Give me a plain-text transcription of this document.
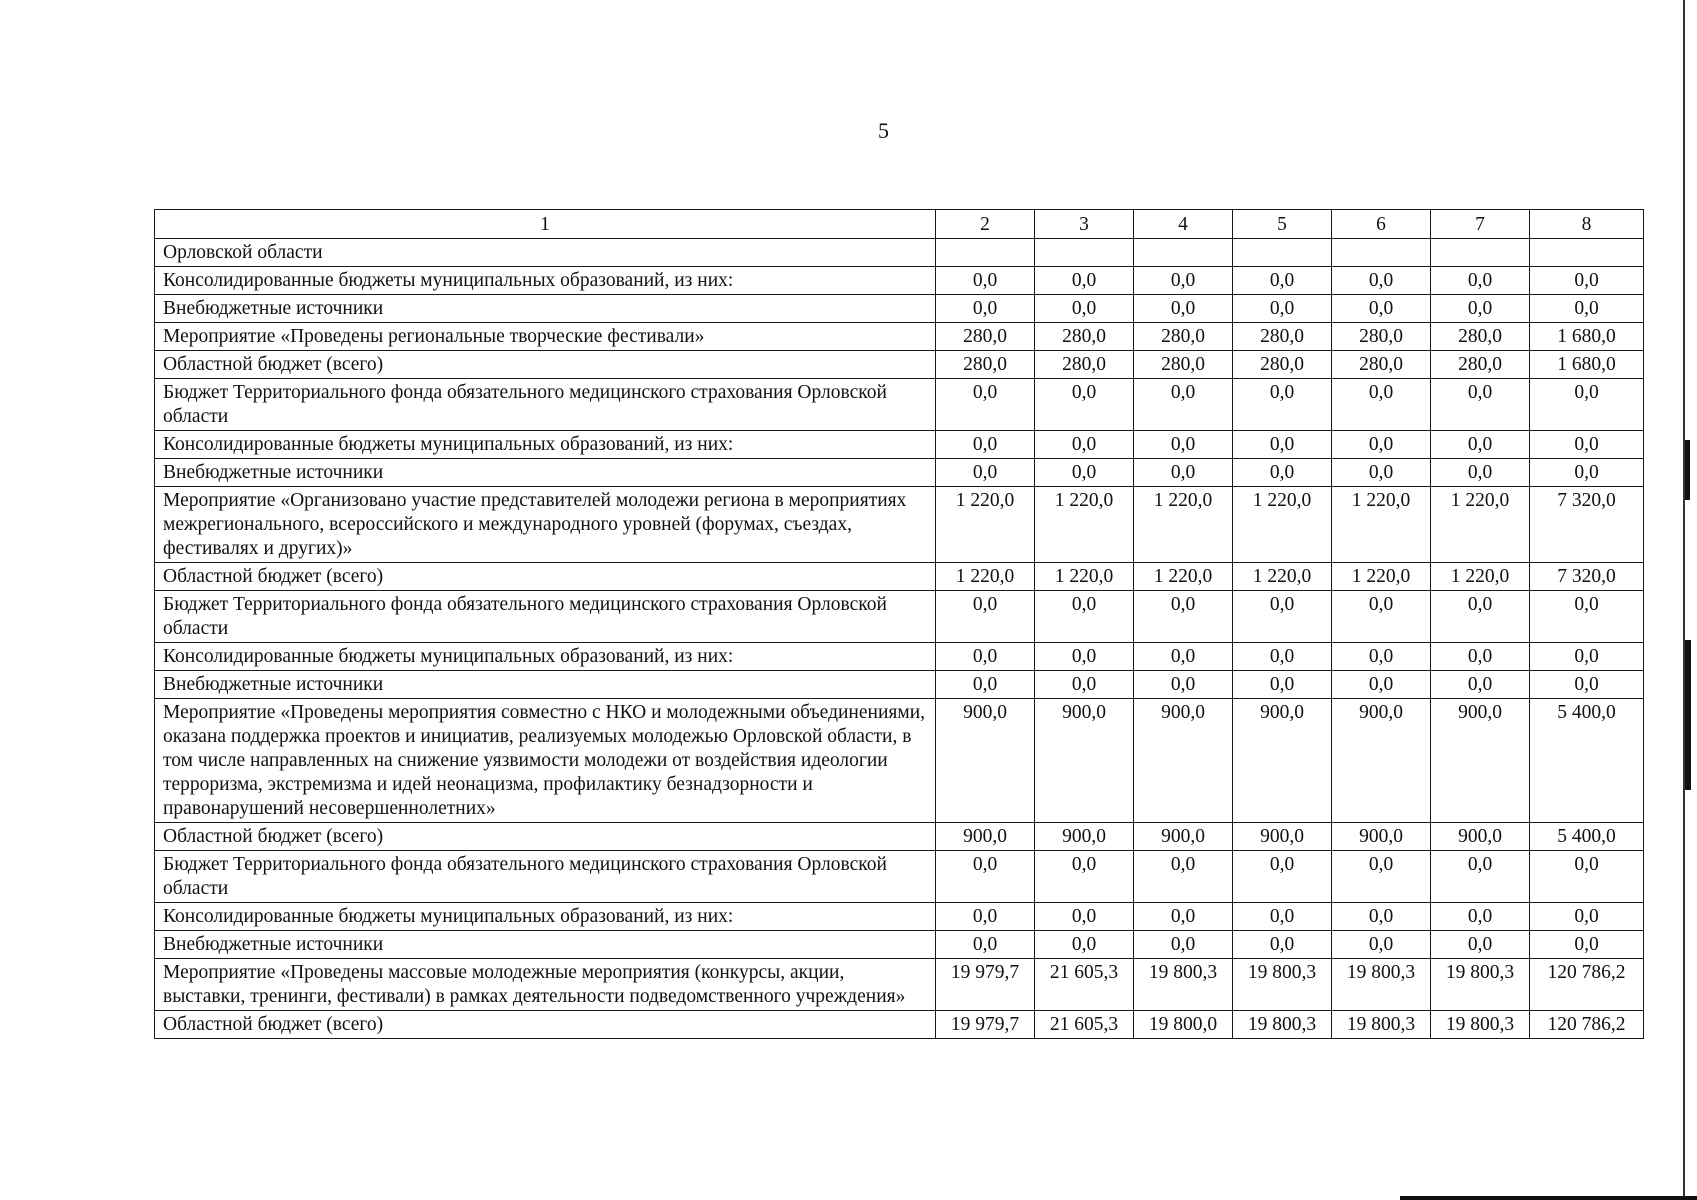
5
1	2	3	4	5	6	7	8
Орловской области							
Консолидированные бюджеты муниципальных образований, из них:	0,0	0,0	0,0	0,0	0,0	0,0	0,0
Внебюджетные источники	0,0	0,0	0,0	0,0	0,0	0,0	0,0
Мероприятие «Проведены региональные творческие фестивали»	280,0	280,0	280,0	280,0	280,0	280,0	1 680,0
Областной бюджет (всего)	280,0	280,0	280,0	280,0	280,0	280,0	1 680,0
Бюджет Территориального фонда обязательного медицинского страхования Орловской области	0,0	0,0	0,0	0,0	0,0	0,0	0,0
Консолидированные бюджеты муниципальных образований, из них:	0,0	0,0	0,0	0,0	0,0	0,0	0,0
Внебюджетные источники	0,0	0,0	0,0	0,0	0,0	0,0	0,0
Мероприятие «Организовано участие представителей молодежи региона в мероприятиях межрегионального, всероссийского и международного уровней (форумах, съездах, фестивалях и других)»	1 220,0	1 220,0	1 220,0	1 220,0	1 220,0	1 220,0	7 320,0
Областной бюджет (всего)	1 220,0	1 220,0	1 220,0	1 220,0	1 220,0	1 220,0	7 320,0
Бюджет Территориального фонда обязательного медицинского страхования Орловской области	0,0	0,0	0,0	0,0	0,0	0,0	0,0
Консолидированные бюджеты муниципальных образований, из них:	0,0	0,0	0,0	0,0	0,0	0,0	0,0
Внебюджетные источники	0,0	0,0	0,0	0,0	0,0	0,0	0,0
Мероприятие «Проведены мероприятия совместно с НКО и молодежными объединениями, оказана поддержка проектов и инициатив, реализуемых молодежью Орловской области, в том числе направленных на снижение уязвимости молодежи от воздействия идеологии терроризма, экстремизма и идей неонацизма, профилактику безнадзорности и правонарушений несовершеннолетних»	900,0	900,0	900,0	900,0	900,0	900,0	5 400,0
Областной бюджет (всего)	900,0	900,0	900,0	900,0	900,0	900,0	5 400,0
Бюджет Территориального фонда обязательного медицинского страхования Орловской области	0,0	0,0	0,0	0,0	0,0	0,0	0,0
Консолидированные бюджеты муниципальных образований, из них:	0,0	0,0	0,0	0,0	0,0	0,0	0,0
Внебюджетные источники	0,0	0,0	0,0	0,0	0,0	0,0	0,0
Мероприятие «Проведены массовые молодежные мероприятия (конкурсы, акции, выставки, тренинги, фестивали) в рамках деятельности подведомственного учреждения»	19 979,7	21 605,3	19 800,3	19 800,3	19 800,3	19 800,3	120 786,2
Областной бюджет (всего)	19 979,7	21 605,3	19 800,0	19 800,3	19 800,3	19 800,3	120 786,2
